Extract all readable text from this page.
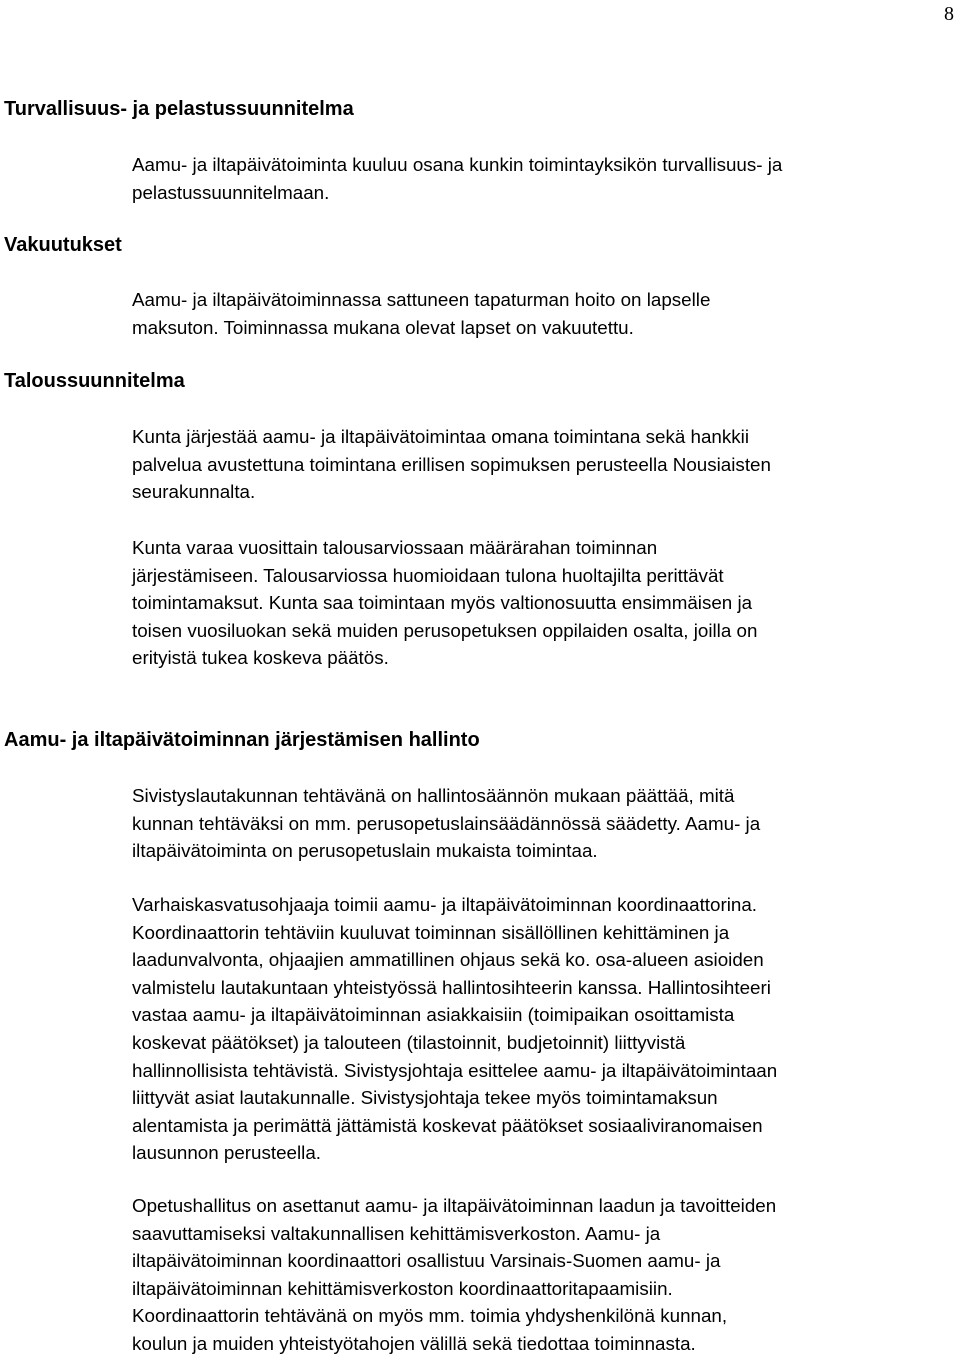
8
Turvallisuus- ja pelastussuunnitelma
Aamu- ja iltapäivätoiminta kuuluu osana kunkin toimintayksikön turvallisuus- ja
pelastussuunnitelmaan.
Vakuutukset
Aamu- ja iltapäivätoiminnassa sattuneen tapaturman hoito on lapselle
maksuton. Toiminnassa mukana olevat lapset on vakuutettu.
Taloussuunnitelma
Kunta järjestää aamu- ja iltapäivätoimintaa omana toimintana sekä hankkii
palvelua avustettuna toimintana erillisen sopimuksen perusteella Nousiaisten
seurakunnalta.
Kunta varaa vuosittain talousarviossaan määrärahan toiminnan
järjestämiseen. Talousarviossa huomioidaan tulona huoltajilta perittävät
toimintamaksut. Kunta saa toimintaan myös valtionosuutta ensimmäisen ja
toisen vuosiluokan sekä muiden perusopetuksen oppilaiden osalta, joilla on
erityistä tukea koskeva päätös.
Aamu- ja iltapäivätoiminnan järjestämisen hallinto
Sivistyslautakunnan tehtävänä on hallintosäännön mukaan päättää, mitä
kunnan tehtäväksi on mm. perusopetuslainsäädännössä säädetty. Aamu- ja
iltapäivätoiminta on perusopetuslain mukaista toimintaa.
Varhaiskasvatusohjaaja toimii aamu- ja iltapäivätoiminnan koordinaattorina.
Koordinaattorin tehtäviin kuuluvat toiminnan sisällöllinen kehittäminen ja
laadunvalvonta, ohjaajien ammatillinen ohjaus sekä ko. osa-alueen asioiden
valmistelu lautakuntaan yhteistyössä hallintosihteerin kanssa. Hallintosihteeri
vastaa aamu- ja iltapäivätoiminnan asiakkaisiin (toimipaikan osoittamista
koskevat päätökset) ja talouteen (tilastoinnit, budjetoinnit) liittyvistä
hallinnollisista tehtävistä. Sivistysjohtaja esittelee aamu- ja iltapäivätoimintaan
liittyvät asiat lautakunnalle. Sivistysjohtaja tekee myös toimintamaksun
alentamista ja perimättä jättämistä koskevat päätökset sosiaaliviranomaisen
lausunnon perusteella.
Opetushallitus on asettanut aamu- ja iltapäivätoiminnan laadun ja tavoitteiden
saavuttamiseksi valtakunnallisen kehittämisverkoston. Aamu- ja
iltapäivätoiminnan koordinaattori osallistuu Varsinais-Suomen aamu- ja
iltapäivätoiminnan kehittämisverkoston koordinaattoritapaamisiin.
Koordinaattorin tehtävänä on myös mm. toimia yhdyshenkilönä kunnan,
koulun ja muiden yhteistyötahojen välillä sekä tiedottaa toiminnasta.
